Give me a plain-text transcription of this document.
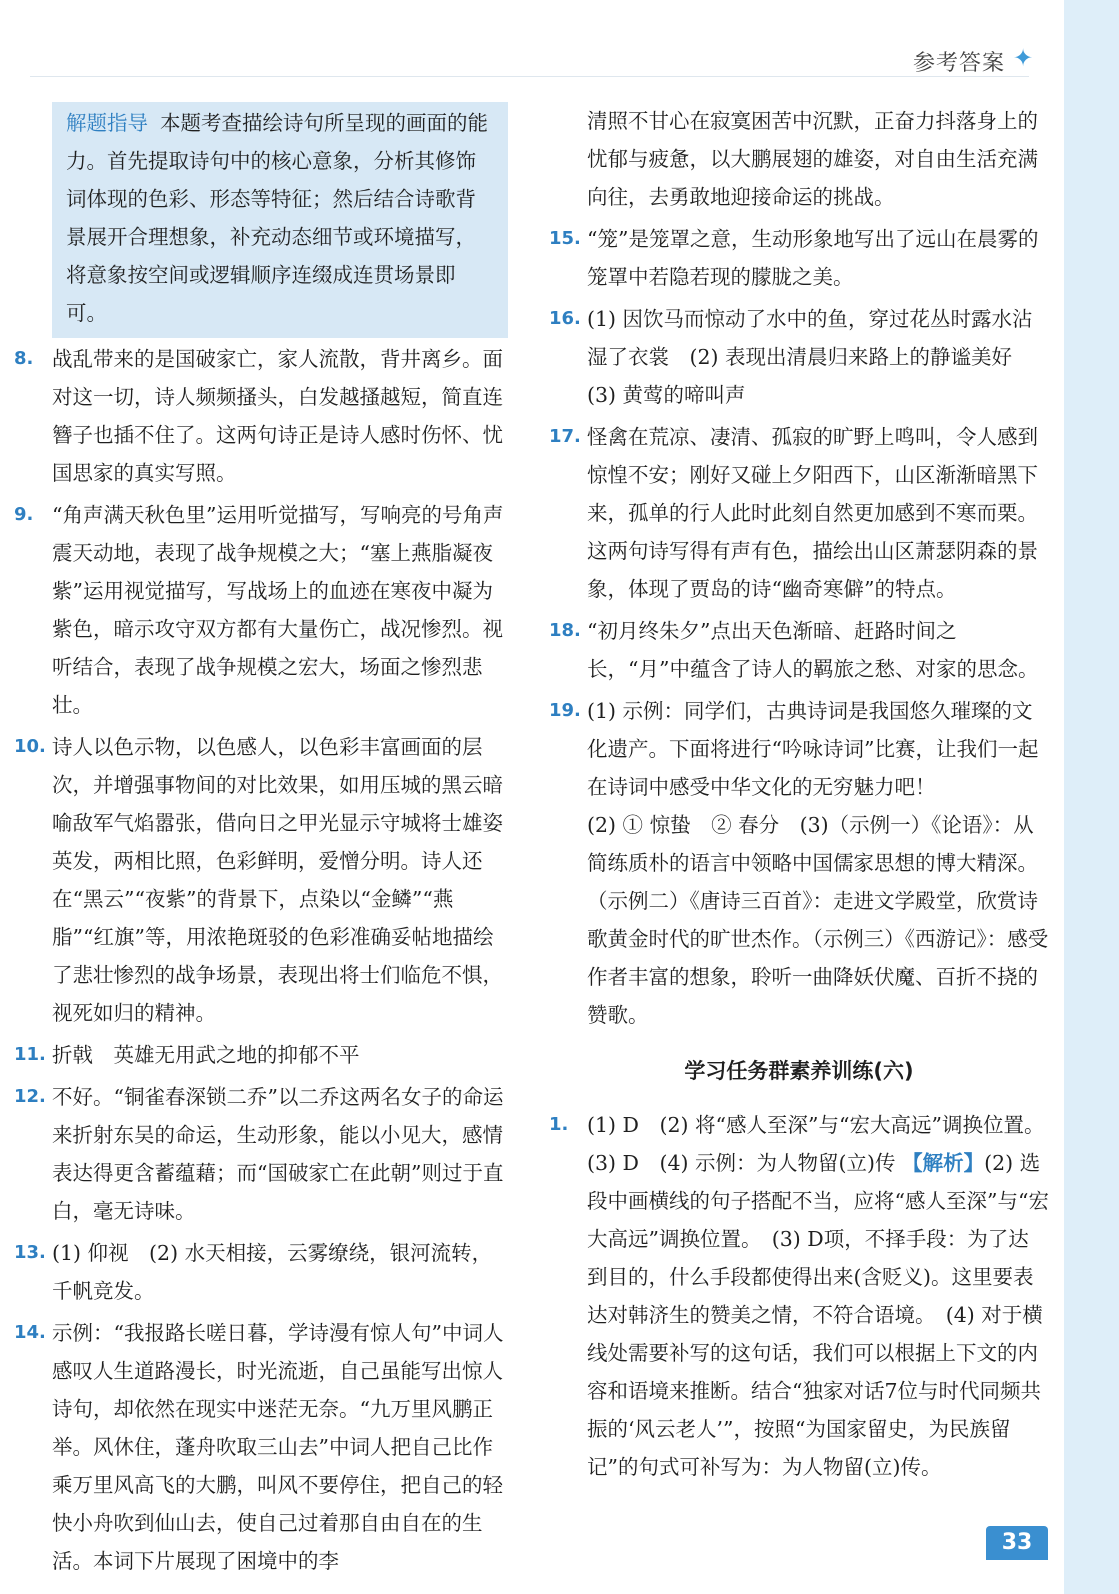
参考答案 ✦
解题指导 本题考查描绘诗句所呈现的画面的能力。首先提取诗句中的核心意象，分析其修饰词体现的色彩、形态等特征；然后结合诗歌背景展开合理想象，补充动态细节或环境描写，将意象按空间或逻辑顺序连缀成连贯场景即可。
8. 战乱带来的是国破家亡，家人流散，背井离乡。面对这一切，诗人频频搔头，白发越搔越短，简直连簪子也插不住了。这两句诗正是诗人感时伤怀、忧国思家的真实写照。
9. “角声满天秋色里”运用听觉描写，写响亮的号角声震天动地，表现了战争规模之大；“塞上燕脂凝夜紫”运用视觉描写，写战场上的血迹在寒夜中凝为紫色，暗示攻守双方都有大量伤亡，战况惨烈。视听结合，表现了战争规模之宏大，场面之惨烈悲壮。
10. 诗人以色示物，以色感人，以色彩丰富画面的层次，并增强事物间的对比效果，如用压城的黑云暗喻敌军气焰嚣张，借向日之甲光显示守城将士雄姿英发，两相比照，色彩鲜明，爱憎分明。诗人还在“黑云”“夜紫”的背景下，点染以“金鳞”“燕脂”“红旗”等，用浓艳斑驳的色彩准确妥帖地描绘了悲壮惨烈的战争场景，表现出将士们临危不惧，视死如归的精神。
11. 折戟　英雄无用武之地的抑郁不平
12. 不好。“铜雀春深锁二乔”以二乔这两名女子的命运来折射东吴的命运，生动形象，能以小见大，感情表达得更含蓄蕴藉；而“国破家亡在此朝”则过于直白，毫无诗味。
13. (1) 仰视　(2) 水天相接，云雾缭绕，银河流转，千帆竞发。
14. 示例：“我报路长嗟日暮，学诗漫有惊人句”中词人感叹人生道路漫长，时光流逝，自己虽能写出惊人诗句，却依然在现实中迷茫无奈。“九万里风鹏正举。风休住，蓬舟吹取三山去”中词人把自己比作乘万里风高飞的大鹏，叫风不要停住，把自己的轻快小舟吹到仙山去，使自己过着那自由自在的生活。本词下片展现了困境中的李
清照不甘心在寂寞困苦中沉默，正奋力抖落身上的忧郁与疲惫，以大鹏展翅的雄姿，对自由生活充满向往，去勇敢地迎接命运的挑战。
15. “笼”是笼罩之意，生动形象地写出了远山在晨雾的笼罩中若隐若现的朦胧之美。
16. (1) 因饮马而惊动了水中的鱼，穿过花丛时露水沾湿了衣裳　(2) 表现出清晨归来路上的静谧美好　(3) 黄莺的啼叫声
17. 怪禽在荒凉、凄清、孤寂的旷野上鸣叫，令人感到惊惶不安；刚好又碰上夕阳西下，山区渐渐暗黑下来，孤单的行人此时此刻自然更加感到不寒而栗。这两句诗写得有声有色，描绘出山区萧瑟阴森的景象，体现了贾岛的诗“幽奇寒僻”的特点。
18. “初月终朱夕”点出天色渐暗、赶路时间之长，“月”中蕴含了诗人的羁旅之愁、对家的思念。
19. (1) 示例：同学们，古典诗词是我国悠久璀璨的文化遗产。下面将进行“吟咏诗词”比赛，让我们一起在诗词中感受中华文化的无穷魅力吧！
(2) ① 惊蛰　② 春分　(3)（示例一）《论语》：从简练质朴的语言中领略中国儒家思想的博大精深。（示例二）《唐诗三百首》：走进文学殿堂，欣赏诗歌黄金时代的旷世杰作。（示例三）《西游记》：感受作者丰富的想象，聆听一曲降妖伏魔、百折不挠的赞歌。
学习任务群素养训练(六)
1. (1) D　(2) 将“感人至深”与“宏大高远”调换位置。　(3) D　(4) 示例：为人物留(立)传 【解析】(2) 选段中画横线的句子搭配不当，应将“感人至深”与“宏大高远”调换位置。　(3) D项，不择手段：为了达到目的，什么手段都使得出来(含贬义)。这里要表达对韩济生的赞美之情，不符合语境。　(4) 对于横线处需要补写的这句话，我们可以根据上下文的内容和语境来推断。结合“独家对话7位与时代同频共振的‘风云老人’”，按照“为国家留史，为民族留记”的句式可补写为：为人物留(立)传。
33
